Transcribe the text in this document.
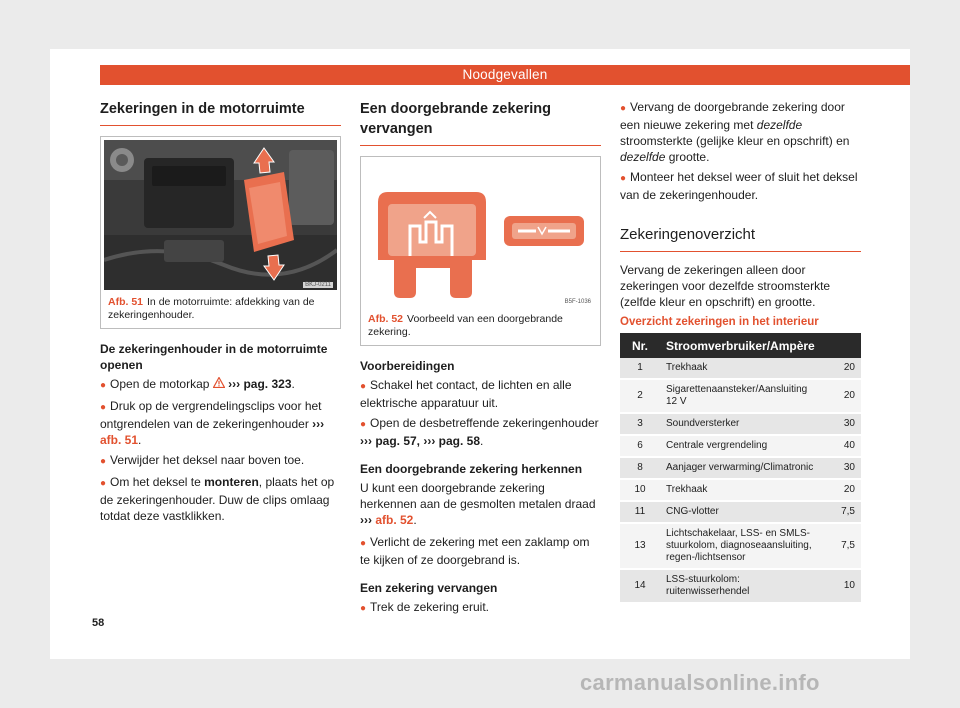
Noodgevallen
Zekeringen in de motorruimte
BKJ-0211
Afb. 51 In de motorruimte: afdekking van de zekeringenhouder.
De zekeringenhouder in de motorruimte openen

● Open de motorkap ››› pag. 323.

● Druk op de vergrendelingsclips voor het ontgrendelen van de zekeringenhouder ››› afb. 51.

● Verwijder het deksel naar boven toe.

● Om het deksel te monteren, plaats het op de zekeringenhouder. Duw de clips omlaag totdat deze vastklikken.

Een doorgebrande zekering vervangen
B5F-1036
Afb. 52 Voorbeeld van een doorgebrande zekering.
Voorbereidingen

● Schakel het contact, de lichten en alle elektrische apparatuur uit.

● Open de desbetreffende zekeringenhouder ››› pag. 57, ››› pag. 58.

Een doorgebrande zekering herkennen

U kunt een doorgebrande zekering herkennen aan de gesmolten metalen draad ››› afb. 52.

● Verlicht de zekering met een zaklamp om te kijken of ze doorgebrand is.

Een zekering vervangen

● Trek de zekering eruit.

● Vervang de doorgebrande zekering door een nieuwe zekering met dezelfde stroomsterkte (gelijke kleur en opschrift) en dezelfde grootte.

● Monteer het deksel weer of sluit het deksel van de zekeringenhouder.

Zekeringenoverzicht

Vervang de zekeringen alleen door zekeringen voor dezelfde stroomsterkte (zelfde kleur en opschrift) en grootte.

Overzicht zekeringen in het interieur
Nr.	Stroomverbruiker/Ampère	
1	Trekhaak	20
2	Sigarettenaansteker/Aansluiting 12 V	20
3	Soundversterker	30
6	Centrale vergrendeling	40
8	Aanjager verwarming/Climatronic	30
10	Trekhaak	20
11	CNG-vlotter	7,5
13	Lichtschakelaar, LSS- en SMLS-stuurkolom, diagnoseaansluiting, regen-/lichtsensor	7,5
14	LSS-stuurkolom: ruitenwisserhendel	10
58
carmanualsonline.info
